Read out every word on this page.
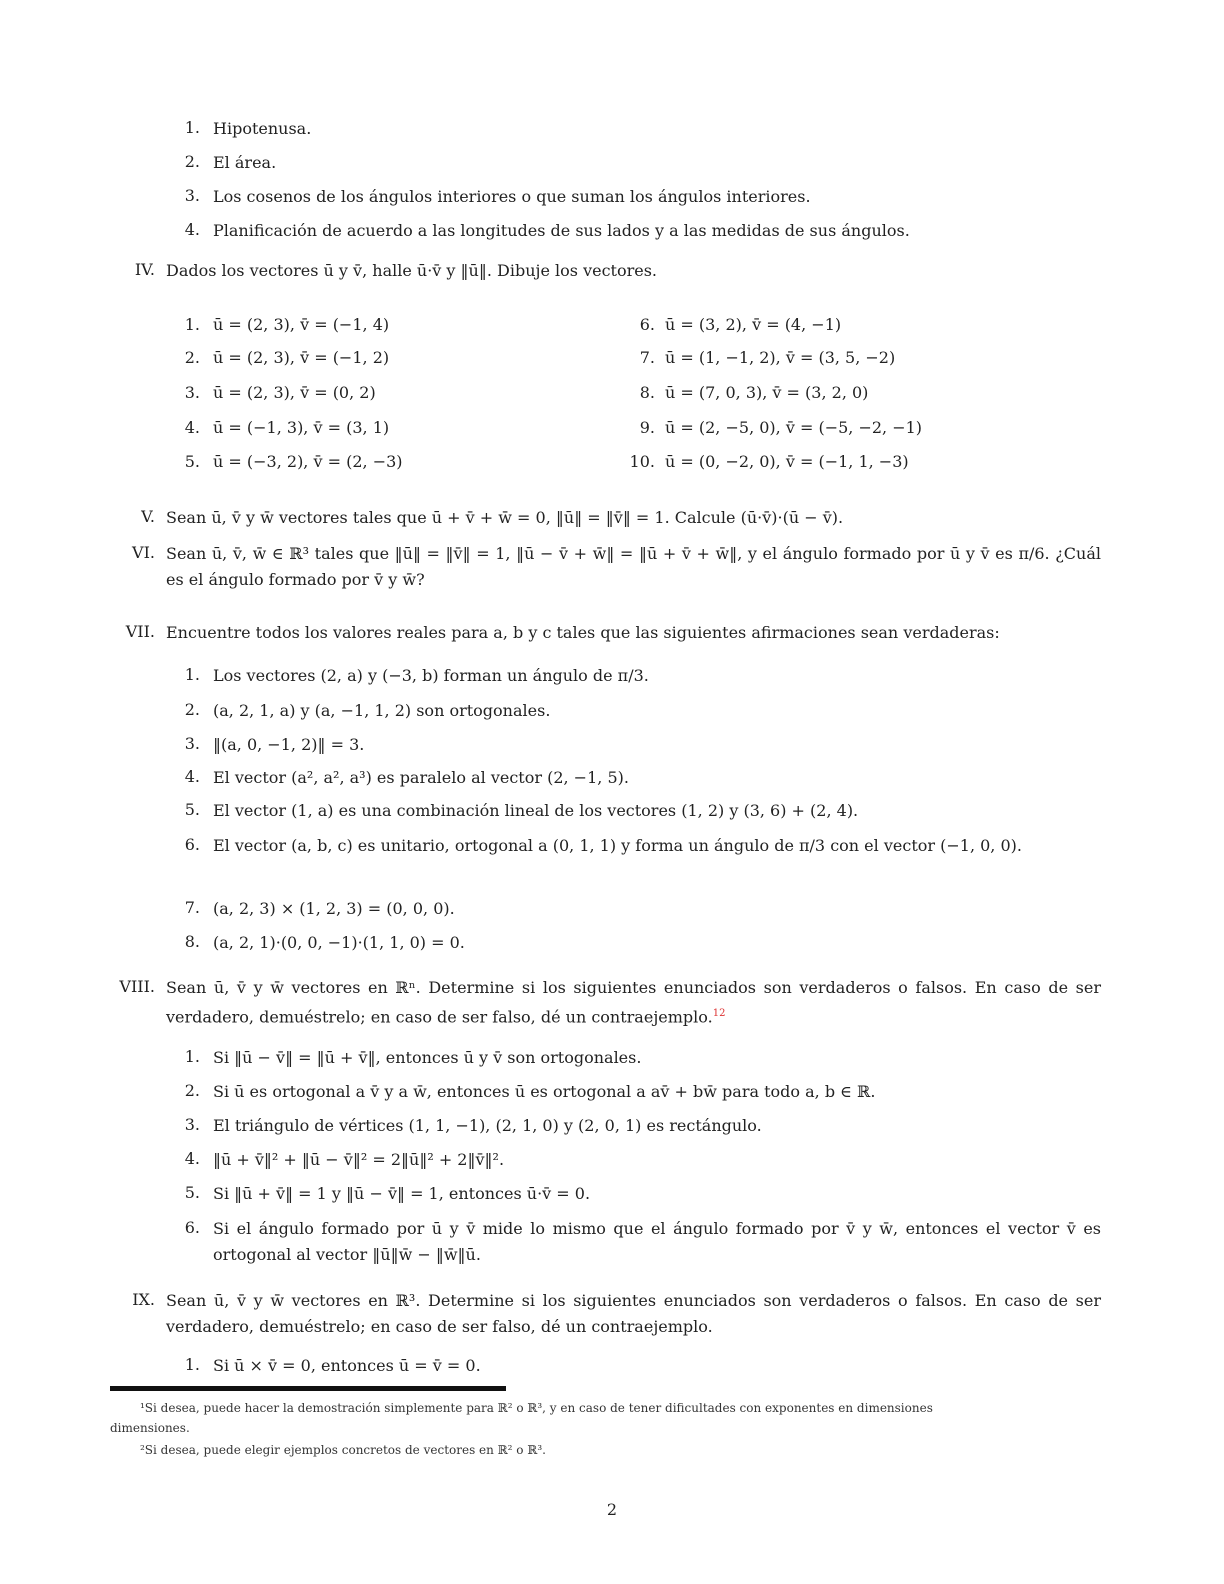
1. Hipotenusa.
2. El área.
3. Los cosenos de los ángulos interiores o que suman los ángulos interiores.
4. Planificación de acuerdo a las longitudes de sus lados y a las medidas de sus ángulos.
IV. Dados los vectores ū y v̄, halle ū·v̄ y ‖ū‖. Dibuje los vectores.
1. ū = (2, 3), v̄ = (−1, 4)
2. ū = (2, 3), v̄ = (−1, 2)
3. ū = (2, 3), v̄ = (0, 2)
4. ū = (−1, 3), v̄ = (3, 1)
5. ū = (−3, 2), v̄ = (2, −3)
6. ū = (3, 2), v̄ = (4, −1)
7. ū = (1, −1, 2), v̄ = (3, 5, −2)
8. ū = (7, 0, 3), v̄ = (3, 2, 0)
9. ū = (2, −5, 0), v̄ = (−5, −2, −1)
10. ū = (0, −2, 0), v̄ = (−1, 1, −3)
V. Sean ū, v̄ y w̄ vectores tales que ū + v̄ + w̄ = 0, ‖ū‖ = ‖v̄‖ = 1. Calcule (ū·v̄)·(ū − v̄).
VI. Sean ū, v̄, w̄ ∈ ℝ³ tales que ‖ū‖ = ‖v̄‖ = 1, ‖ū − v̄ + w̄‖ = ‖ū + v̄ + w̄‖, y el ángulo formado por ū y v̄ es π/6. ¿Cuál es el ángulo formado por v̄ y w̄?
VII. Encuentre todos los valores reales para a, b y c tales que las siguientes afirmaciones sean verdaderas:
1. Los vectores (2, a) y (−3, b) forman un ángulo de π/3.
2. (a, 2, 1, a) y (a, −1, 1, 2) son ortogonales.
3. ‖(a, 0, −1, 2)‖ = 3.
4. El vector (a², a², a³) es paralelo al vector (2, −1, 5).
5. El vector (1, a) es una combinación lineal de los vectores (1, 2) y (3, 6) + (2, 4).
6. El vector (a, b, c) es unitario, ortogonal a (0, 1, 1) y forma un ángulo de π/3 con el vector (−1, 0, 0).
7. (a, 2, 3) × (1, 2, 3) = (0, 0, 0).
8. (a, 2, 1)·(0, 0, −1)·(1, 1, 0) = 0.
VIII. Sean ū, v̄ y w̄ vectores en ℝⁿ. Determine si los siguientes enunciados son verdaderos o falsos. En caso de ser verdadero, demuéstrelo; en caso de ser falso, dé un contraejemplo.$^{12}$
1. Si ‖ū − v̄‖ = ‖ū + v̄‖, entonces ū y v̄ son ortogonales.
2. Si ū es ortogonal a v̄ y a w̄, entonces ū es ortogonal a av̄ + bw̄ para todo a, b ∈ ℝ.
3. El triángulo de vértices (1, 1, −1), (2, 1, 0) y (2, 0, 1) es rectángulo.
4. ‖ū + v̄‖² + ‖ū − v̄‖² = 2‖ū‖² + 2‖v̄‖².
5. Si ‖ū + v̄‖ = 1 y ‖ū − v̄‖ = 1, entonces ū·v̄ = 0.
6. Si el ángulo formado por ū y v̄ mide lo mismo que el ángulo formado por v̄ y w̄, entonces el vector v̄ es ortogonal al vector ‖ū‖w̄ − ‖w̄‖ū.
IX. Sean ū, v̄ y w̄ vectores en ℝ³. Determine si los siguientes enunciados son verdaderos o falsos. En caso de ser verdadero, demuéstrelo; en caso de ser falso, dé un contraejemplo.
1. Si ū × v̄ = 0, entonces ū = v̄ = 0.
¹Si desea, puede hacer la demostración simplemente para ℝ² o ℝ³, y en caso de tener dificultades con exponentes en dimensiones
dimensiones.
²Si desea, puede elegir ejemplos concretos de vectores en ℝ² o ℝ³.
2
